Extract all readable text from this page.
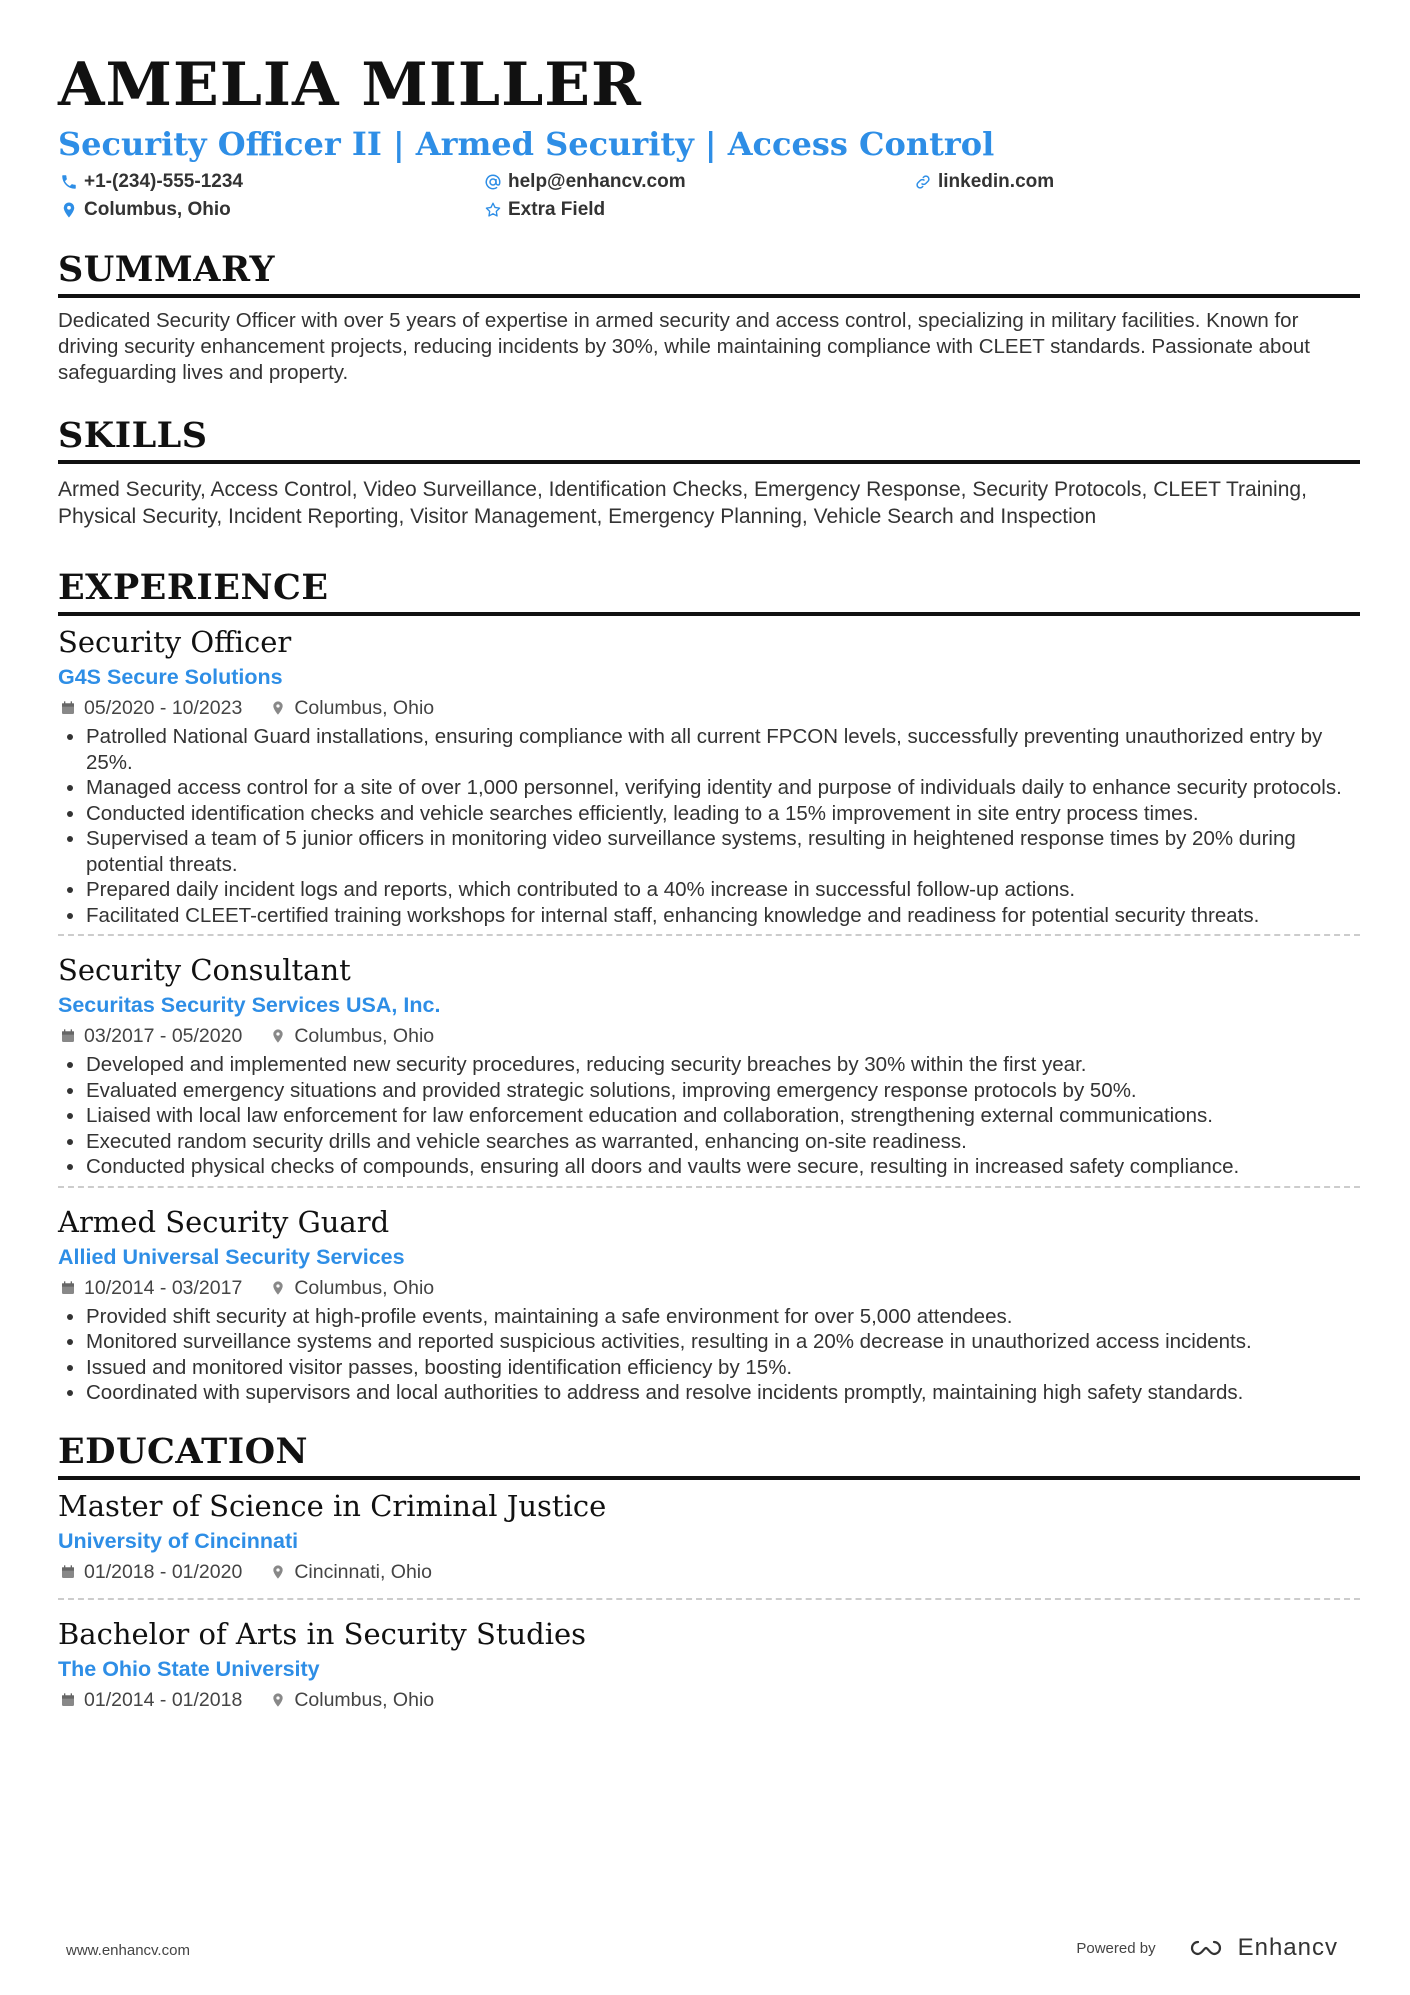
AMELIA MILLER
Security Officer II | Armed Security | Access Control
+1-(234)-555-1234	help@enhancv.com	linkedin.com
Columbus, Ohio	Extra Field
SUMMARY
Dedicated Security Officer with over 5 years of expertise in armed security and access control, specializing in military facilities. Known for driving security enhancement projects, reducing incidents by 30%, while maintaining compliance with CLEET standards. Passionate about safeguarding lives and property.
SKILLS
Armed Security, Access Control, Video Surveillance, Identification Checks, Emergency Response, Security Protocols, CLEET Training, Physical Security, Incident Reporting, Visitor Management, Emergency Planning, Vehicle Search and Inspection
EXPERIENCE
Security Officer
G4S Secure Solutions
05/2020 - 10/2023	Columbus, Ohio
• Patrolled National Guard installations, ensuring compliance with all current FPCON levels, successfully preventing unauthorized entry by 25%.
• Managed access control for a site of over 1,000 personnel, verifying identity and purpose of individuals daily to enhance security protocols.
• Conducted identification checks and vehicle searches efficiently, leading to a 15% improvement in site entry process times.
• Supervised a team of 5 junior officers in monitoring video surveillance systems, resulting in heightened response times by 20% during potential threats.
• Prepared daily incident logs and reports, which contributed to a 40% increase in successful follow-up actions.
• Facilitated CLEET-certified training workshops for internal staff, enhancing knowledge and readiness for potential security threats.
Security Consultant
Securitas Security Services USA, Inc.
03/2017 - 05/2020	Columbus, Ohio
• Developed and implemented new security procedures, reducing security breaches by 30% within the first year.
• Evaluated emergency situations and provided strategic solutions, improving emergency response protocols by 50%.
• Liaised with local law enforcement for law enforcement education and collaboration, strengthening external communications.
• Executed random security drills and vehicle searches as warranted, enhancing on-site readiness.
• Conducted physical checks of compounds, ensuring all doors and vaults were secure, resulting in increased safety compliance.
Armed Security Guard
Allied Universal Security Services
10/2014 - 03/2017	Columbus, Ohio
• Provided shift security at high-profile events, maintaining a safe environment for over 5,000 attendees.
• Monitored surveillance systems and reported suspicious activities, resulting in a 20% decrease in unauthorized access incidents.
• Issued and monitored visitor passes, boosting identification efficiency by 15%.
• Coordinated with supervisors and local authorities to address and resolve incidents promptly, maintaining high safety standards.
EDUCATION
Master of Science in Criminal Justice
University of Cincinnati
01/2018 - 01/2020	Cincinnati, Ohio
Bachelor of Arts in Security Studies
The Ohio State University
01/2014 - 01/2018	Columbus, Ohio
www.enhancv.com	Powered by	Enhancv
